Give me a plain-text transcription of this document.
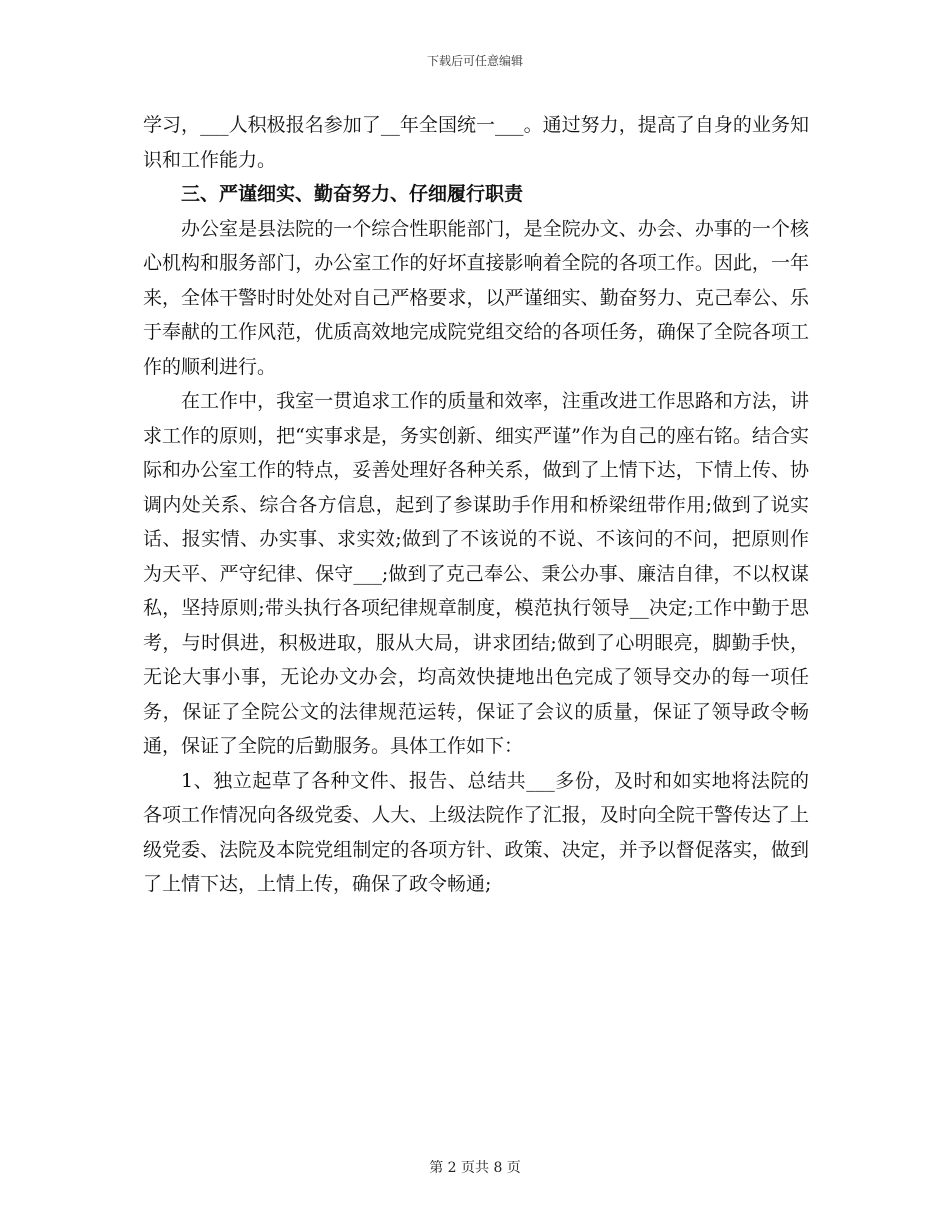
下载后可任意编辑

学习，___人积极报名参加了__年全国统一___。通过努力，提高了自身的业务知识和工作能力。

三、严谨细实、勤奋努力、仔细履行职责

办公室是县法院的一个综合性职能部门，是全院办文、办会、办事的一个核心机构和服务部门，办公室工作的好坏直接影响着全院的各项工作。因此，一年来，全体干警时时处处对自己严格要求，以严谨细实、勤奋努力、克己奉公、乐于奉献的工作风范，优质高效地完成院党组交给的各项任务，确保了全院各项工作的顺利进行。

在工作中，我室一贯追求工作的质量和效率，注重改进工作思路和方法，讲求工作的原则，把“实事求是，务实创新、细实严谨”作为自己的座右铭。结合实际和办公室工作的特点，妥善处理好各种关系，做到了上情下达，下情上传、协调内处关系、综合各方信息，起到了参谋助手作用和桥梁纽带作用;做到了说实话、报实情、办实事、求实效;做到了不该说的不说、不该问的不问，把原则作为天平、严守纪律、保守___;做到了克己奉公、秉公办事、廉洁自律，不以权谋私，坚持原则;带头执行各项纪律规章制度，模范执行领导__决定;工作中勤于思考，与时俱进，积极进取，服从大局，讲求团结;做到了心明眼亮，脚勤手快，无论大事小事，无论办文办会，均高效快捷地出色完成了领导交办的每一项任务，保证了全院公文的法律规范运转，保证了会议的质量，保证了领导政令畅通，保证了全院的后勤服务。具体工作如下：

1、独立起草了各种文件、报告、总结共___多份，及时和如实地将法院的各项工作情况向各级党委、人大、上级法院作了汇报，及时向全院干警传达了上级党委、法院及本院党组制定的各项方针、政策、决定，并予以督促落实，做到了上情下达，上情上传，确保了政令畅通;

第 2 页共 8 页
